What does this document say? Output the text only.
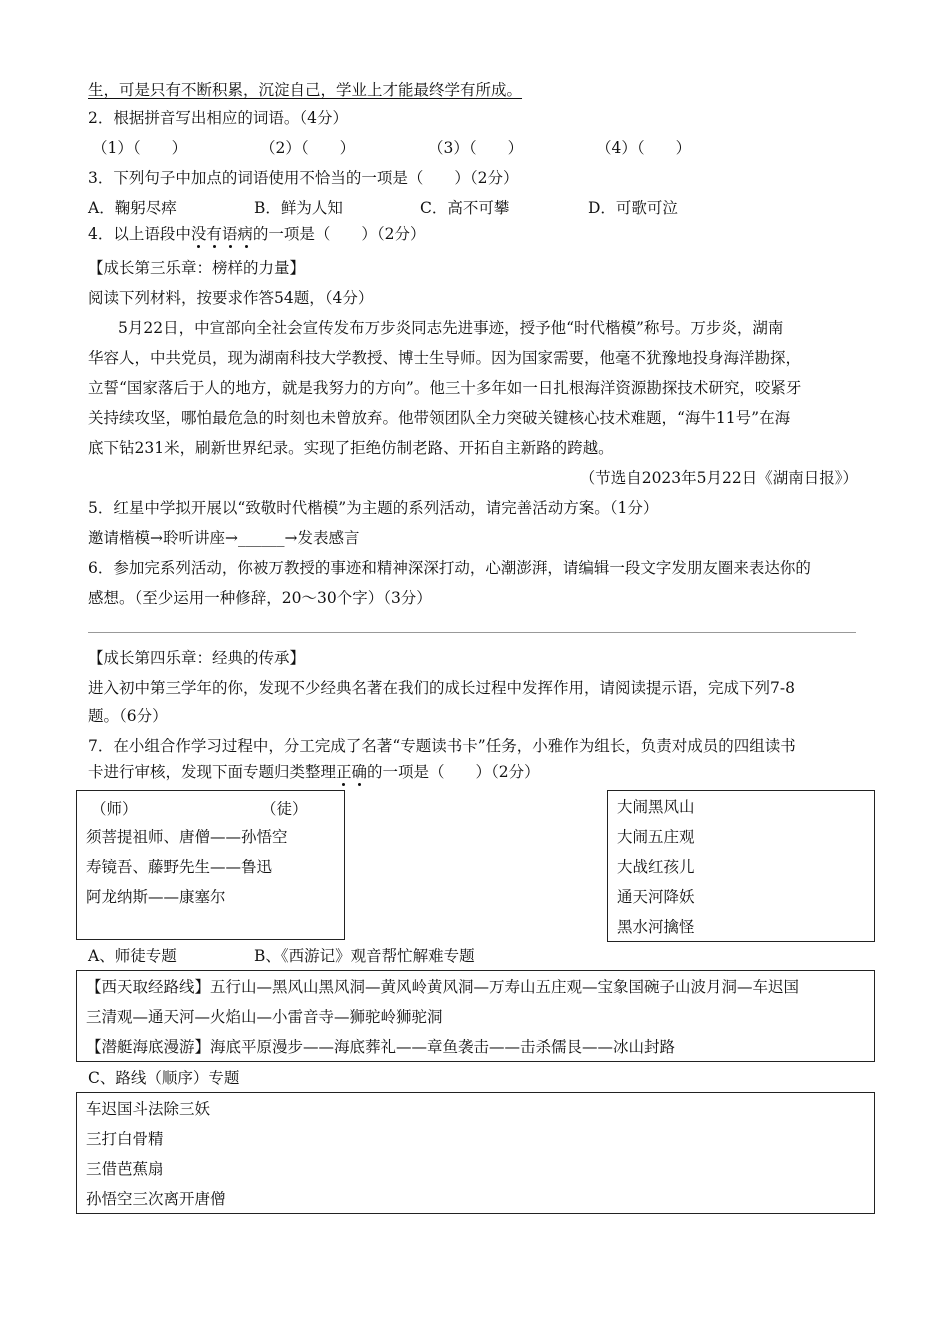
生，可是只有不断积累，沉淀自己，学业上才能最终学有所成。
2．根据拼音写出相应的词语。（4分）
（1）（　　）	（2）（　　）	（3）（　　）	（4）（　　）
3．下列句子中加点的词语使用不恰当的一项是（　　）（2分）
A．鞠躬尽瘁	B．鲜为人知	C．高不可攀	D．可歌可泣
4．以上语段中没有语病
的一项是（　　）（2分）
【成长第三乐章：榜样的力量】
阅读下列材料，按要求作答54题，（4分）
5月22日，中宣部向全社会宣传发布万步炎同志先进事迹，授予他“时代楷模”称号。万步炎，湖南
华容人，中共党员，现为湖南科技大学教授、博士生导师。因为国家需要，他毫不犹豫地投身海洋勘探，
立誓“国家落后于人的地方，就是我努力的方向”。他三十多年如一日扎根海洋资源勘探技术研究，咬紧牙
关持续攻坚，哪怕最危急的时刻也未曾放弃。他带领团队全力突破关键核心技术难题，“海牛11号”在海
底下钻231米，刷新世界纪录。实现了拒绝仿制老路、开拓自主新路的跨越。
（节选自2023年5月22日《湖南日报》）
5．红星中学拟开展以“致敬时代楷模”为主题的系列活动，请完善活动方案。（1分）
邀请楷模→聆听讲座→______→发表感言
6．参加完系列活动，你被万教授的事迹和精神深深打动，心潮澎湃，请编辑一段文字发朋友圈来表达你的
感想。（至少运用一种修辞，20～30个字）（3分）
【成长第四乐章：经典的传承】
进入初中第三学年的你，发现不少经典名著在我们的成长过程中发挥作用，请阅读提示语，完成下列7-8
题。（6分）
7．在小组合作学习过程中，分工完成了名著“专题读书卡”任务，小雅作为组长，负责对成员的四组读书
卡进行审核，发现下面专题归类整理正确
的一项是（　　）（2分）
（师）	（徒）
须菩提祖师、唐僧——孙悟空
寿镜吾、藤野先生——鲁迅
阿龙纳斯——康塞尔
大闹黑风山
大闹五庄观
大战红孩儿
通天河降妖
黑水河擒怪
A、师徒专题	B、《西游记》观音帮忙解难专题
【西天取经路线】五行山—黑风山黑风洞—黄风岭黄风洞—万寿山五庄观—宝象国碗子山波月洞—车迟国
三清观—通天河—火焰山—小雷音寺—狮驼岭狮驼洞
【潜艇海底漫游】海底平原漫步——海底葬礼——章鱼袭击——击杀儒艮——冰山封路
C、路线（顺序）专题
车迟国斗法除三妖
三打白骨精
三借芭蕉扇
孙悟空三次离开唐僧
